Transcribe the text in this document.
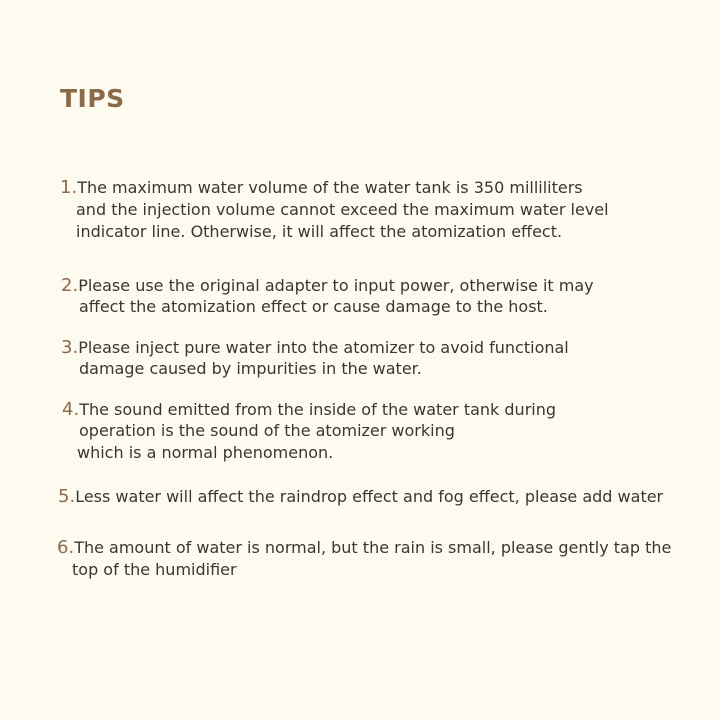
TIPS
1.The maximum water volume of the water tank is 350 milliliters
and the injection volume cannot exceed the maximum water level
indicator line. Otherwise, it will affect the atomization effect.
2.Please use the original adapter to input power, otherwise it may
affect the atomization effect or cause damage to the host.
3.Please inject pure water into the atomizer to avoid functional
damage caused by impurities in the water.
4.The sound emitted from the inside of the water tank during
operation is the sound of the atomizer working
which is a normal phenomenon.
5.Less water will affect the raindrop effect and fog effect, please add water
6.The amount of water is normal, but the rain is small, please gently tap the
top of the humidifier
